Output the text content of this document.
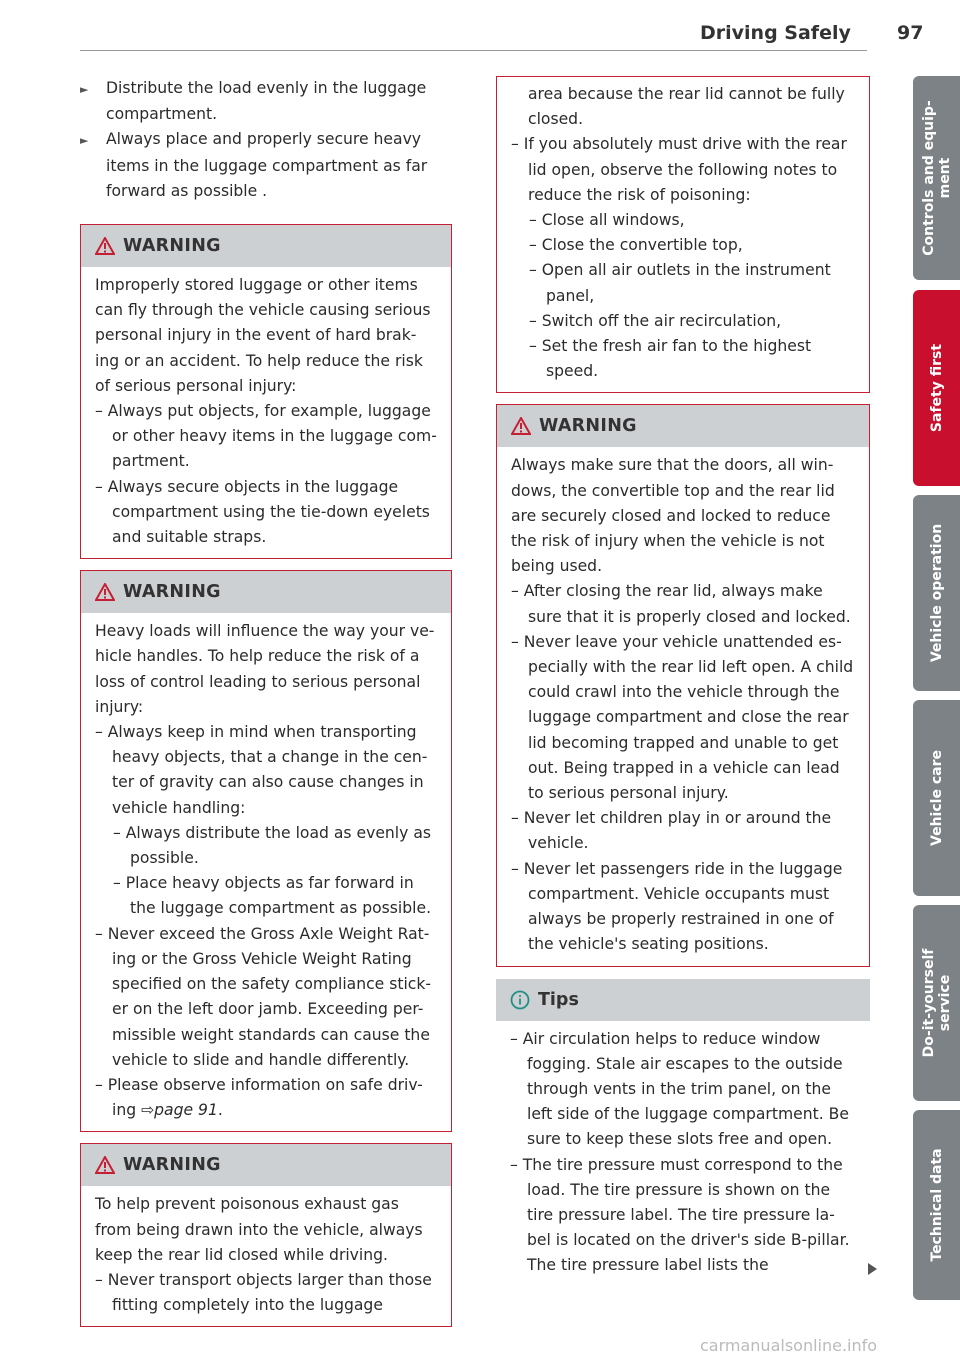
Driving Safely 97

► Distribute the load evenly in the luggage compartment.

► Always place and properly secure heavy items in the luggage compartment as far forward as possible .

WARNING

Improperly stored luggage or other items can fly through the vehicle causing serious personal injury in the event of hard brak- ing or an accident. To help reduce the risk of serious personal injury:

– Always put objects, for example, luggage or other heavy items in the luggage com- partment.

– Always secure objects in the luggage compartment using the tie-down eyelets and suitable straps.

WARNING

Heavy loads will influence the way your ve- hicle handles. To help reduce the risk of a loss of control leading to serious personal injury:

– Always keep in mind when transporting heavy objects, that a change in the cen- ter of gravity can also cause changes in vehicle handling:

– Always distribute the load as evenly as possible.

– Place heavy objects as far forward in the luggage compartment as possible.

– Never exceed the Gross Axle Weight Rat- ing or the Gross Vehicle Weight Rating specified on the safety compliance stick- er on the left door jamb. Exceeding per- missible weight standards can cause the vehicle to slide and handle differently.

– Please observe information on safe driv- ing ⇨page 91.

WARNING

To help prevent poisonous exhaust gas from being drawn into the vehicle, always keep the rear lid closed while driving.

– Never transport objects larger than those fitting completely into the luggage

area because the rear lid cannot be fully closed.

– If you absolutely must drive with the rear lid open, observe the following notes to reduce the risk of poisoning:

– Close all windows,

– Close the convertible top,

– Open all air outlets in the instrument panel,

– Switch off the air recirculation,

– Set the fresh air fan to the highest speed.

WARNING

Always make sure that the doors, all win- dows, the convertible top and the rear lid are securely closed and locked to reduce the risk of injury when the vehicle is not being used.

– After closing the rear lid, always make sure that it is properly closed and locked.

– Never leave your vehicle unattended es- pecially with the rear lid left open. A child could crawl into the vehicle through the luggage compartment and close the rear lid becoming trapped and unable to get out. Being trapped in a vehicle can lead to serious personal injury.

– Never let children play in or around the vehicle.

– Never let passengers ride in the luggage compartment. Vehicle occupants must always be properly restrained in one of the vehicle's seating positions.

Tips

– Air circulation helps to reduce window fogging. Stale air escapes to the outside through vents in the trim panel, on the left side of the luggage compartment. Be sure to keep these slots free and open.

– The tire pressure must correspond to the load. The tire pressure is shown on the tire pressure label. The tire pressure la- bel is located on the driver's side B-pillar. The tire pressure label lists the

Controls and equip- ment
Safety first
Vehicle operation
Vehicle care
Do-it-yourself service
Technical data
carmanualsonline.info
